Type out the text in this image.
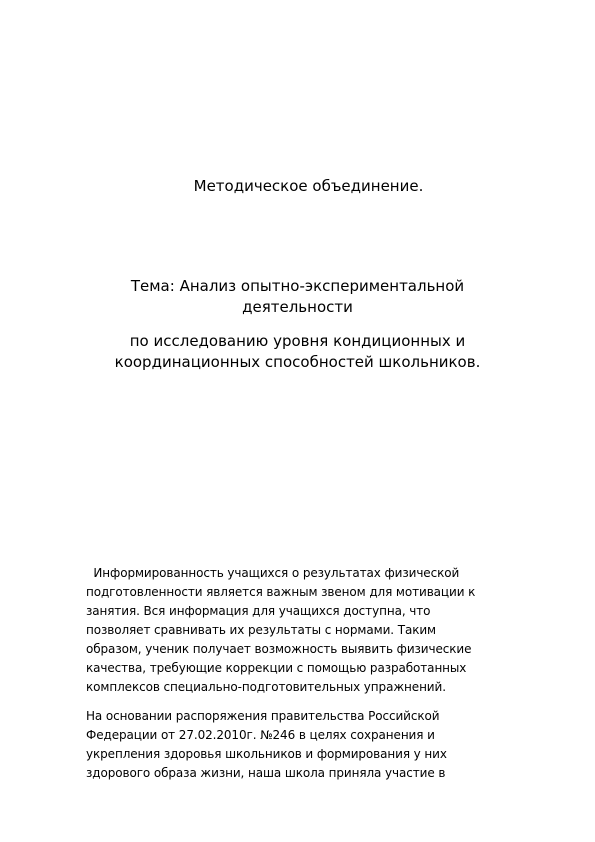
Методическое объединение.
Тема: Анализ опытно-экспериментальной
деятельности
по исследованию уровня кондиционных и
координационных способностей школьников.
Информированность учащихся о результатах физической
подготовленности является важным звеном для мотивации к
занятия. Вся информация для учащихся доступна, что
позволяет сравнивать их результаты с нормами. Таким
образом, ученик получает возможность выявить физические
качества, требующие коррекции с помощью разработанных
комплексов специально-подготовительных упражнений.
На основании распоряжения правительства Российской
Федерации от 27.02.2010г. №246 в целях сохранения и
укрепления здоровья школьников и формирования у них
здорового образа жизни, наша школа приняла участие в
